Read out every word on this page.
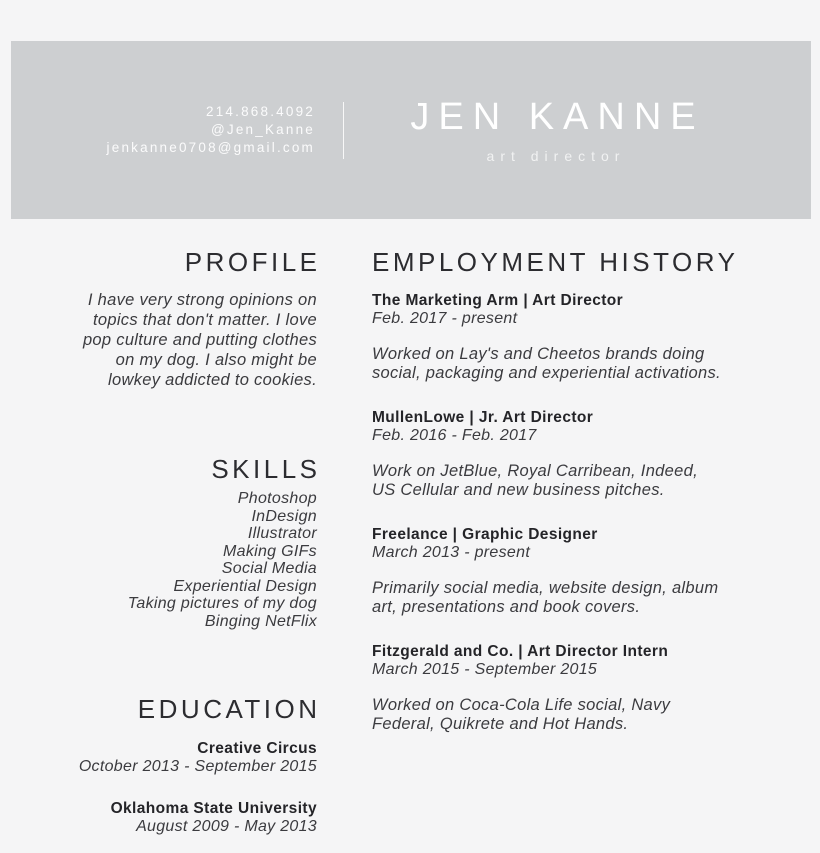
214.868.4092
@Jen_Kanne
jenkanne0708@gmail.com
JEN KANNE
art director
PROFILE
I have very strong opinions on
topics that don't matter. I love
pop culture and putting clothes
on my dog. I also might be
lowkey addicted to cookies.
SKILLS
Photoshop
InDesign
Illustrator
Making GIFs
Social Media
Experiential Design
Taking pictures of my dog
Binging NetFlix
EDUCATION
Creative Circus
October 2013 - September 2015
Oklahoma State University
August 2009 - May 2013
EMPLOYMENT HISTORY
The Marketing Arm | Art Director
Feb. 2017 - present
Worked on Lay's and Cheetos brands doing
social, packaging and experiential activations.
MullenLowe | Jr. Art Director
Feb. 2016 - Feb. 2017
Work on JetBlue, Royal Carribean, Indeed,
US Cellular and new business pitches.
Freelance | Graphic Designer
March 2013 - present
Primarily social media, website design, album
art, presentations and book covers.
Fitzgerald and Co. | Art Director Intern
March 2015 - September 2015
Worked on Coca-Cola Life social, Navy
Federal, Quikrete and Hot Hands.
